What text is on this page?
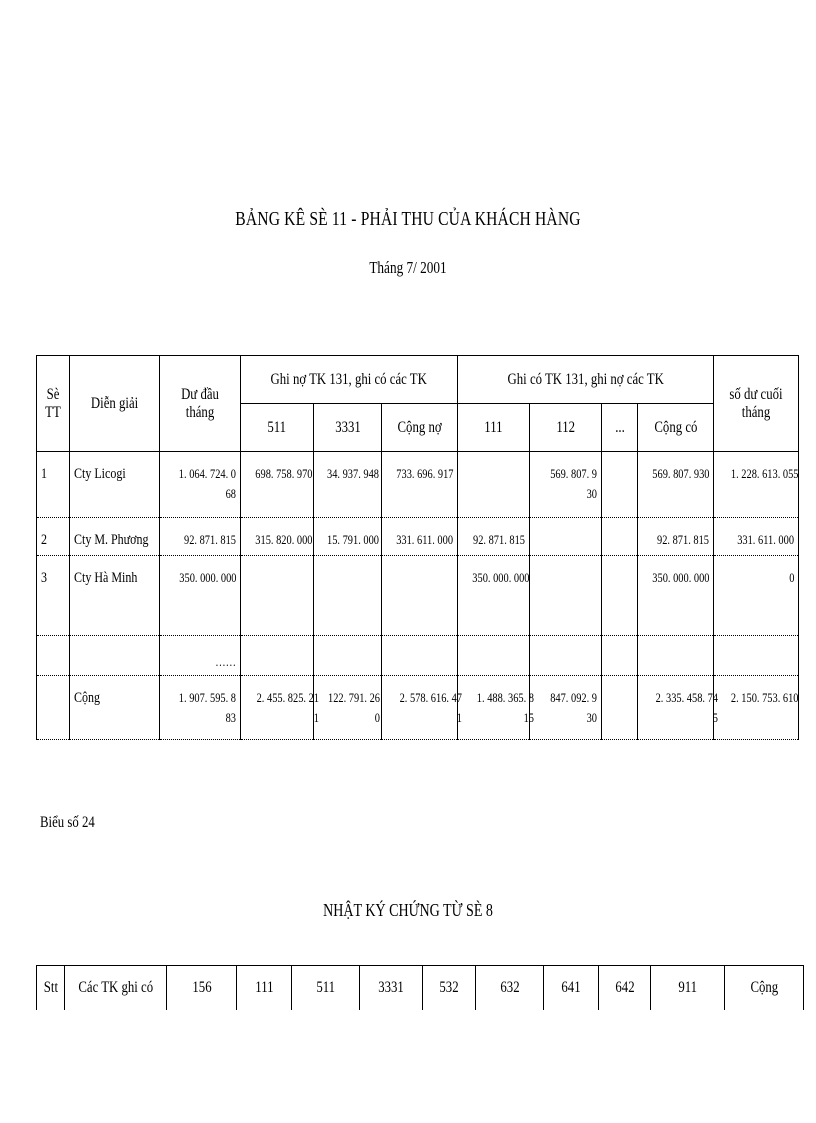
BẢNG KÊ SÈ 11 - PHẢI THU CỦA KHÁCH HÀNG
Tháng 7/ 2001
Sè TT	Diễn giải	Dư đầu tháng	Ghi nợ TK 131, ghi có các TK			Ghi có TK 131, ghi nợ các TK				số dư cuối tháng
			511	3331	Cộng nợ	111	112	...	Cộng có	
1	Cty Licogi	1. 064. 724. 068	698. 758. 970	34. 937. 948	733. 696. 917		569. 807. 930		569. 807. 930	1. 228. 613. 055
2	Cty M. Phương	92. 871. 815	315. 820. 000	15. 791. 000	331. 611. 000	92. 871. 815			92. 871. 815	331. 611. 000
3	Cty Hà Minh	350. 000. 000				350. 000. 000			350. 000. 000	0
		……								
	Cộng	1. 907. 595. 883	2. 455. 825. 211	122. 791. 260	2. 578. 616. 471	1. 488. 365. 815	847. 092. 930		2. 335. 458. 745	2. 150. 753. 610
Biểu số 24
NHẬT KÝ CHỨNG TỪ SÈ 8
Stt	Các TK ghi có	156	111	511	3331	532	632	641	642	911	Cộng
